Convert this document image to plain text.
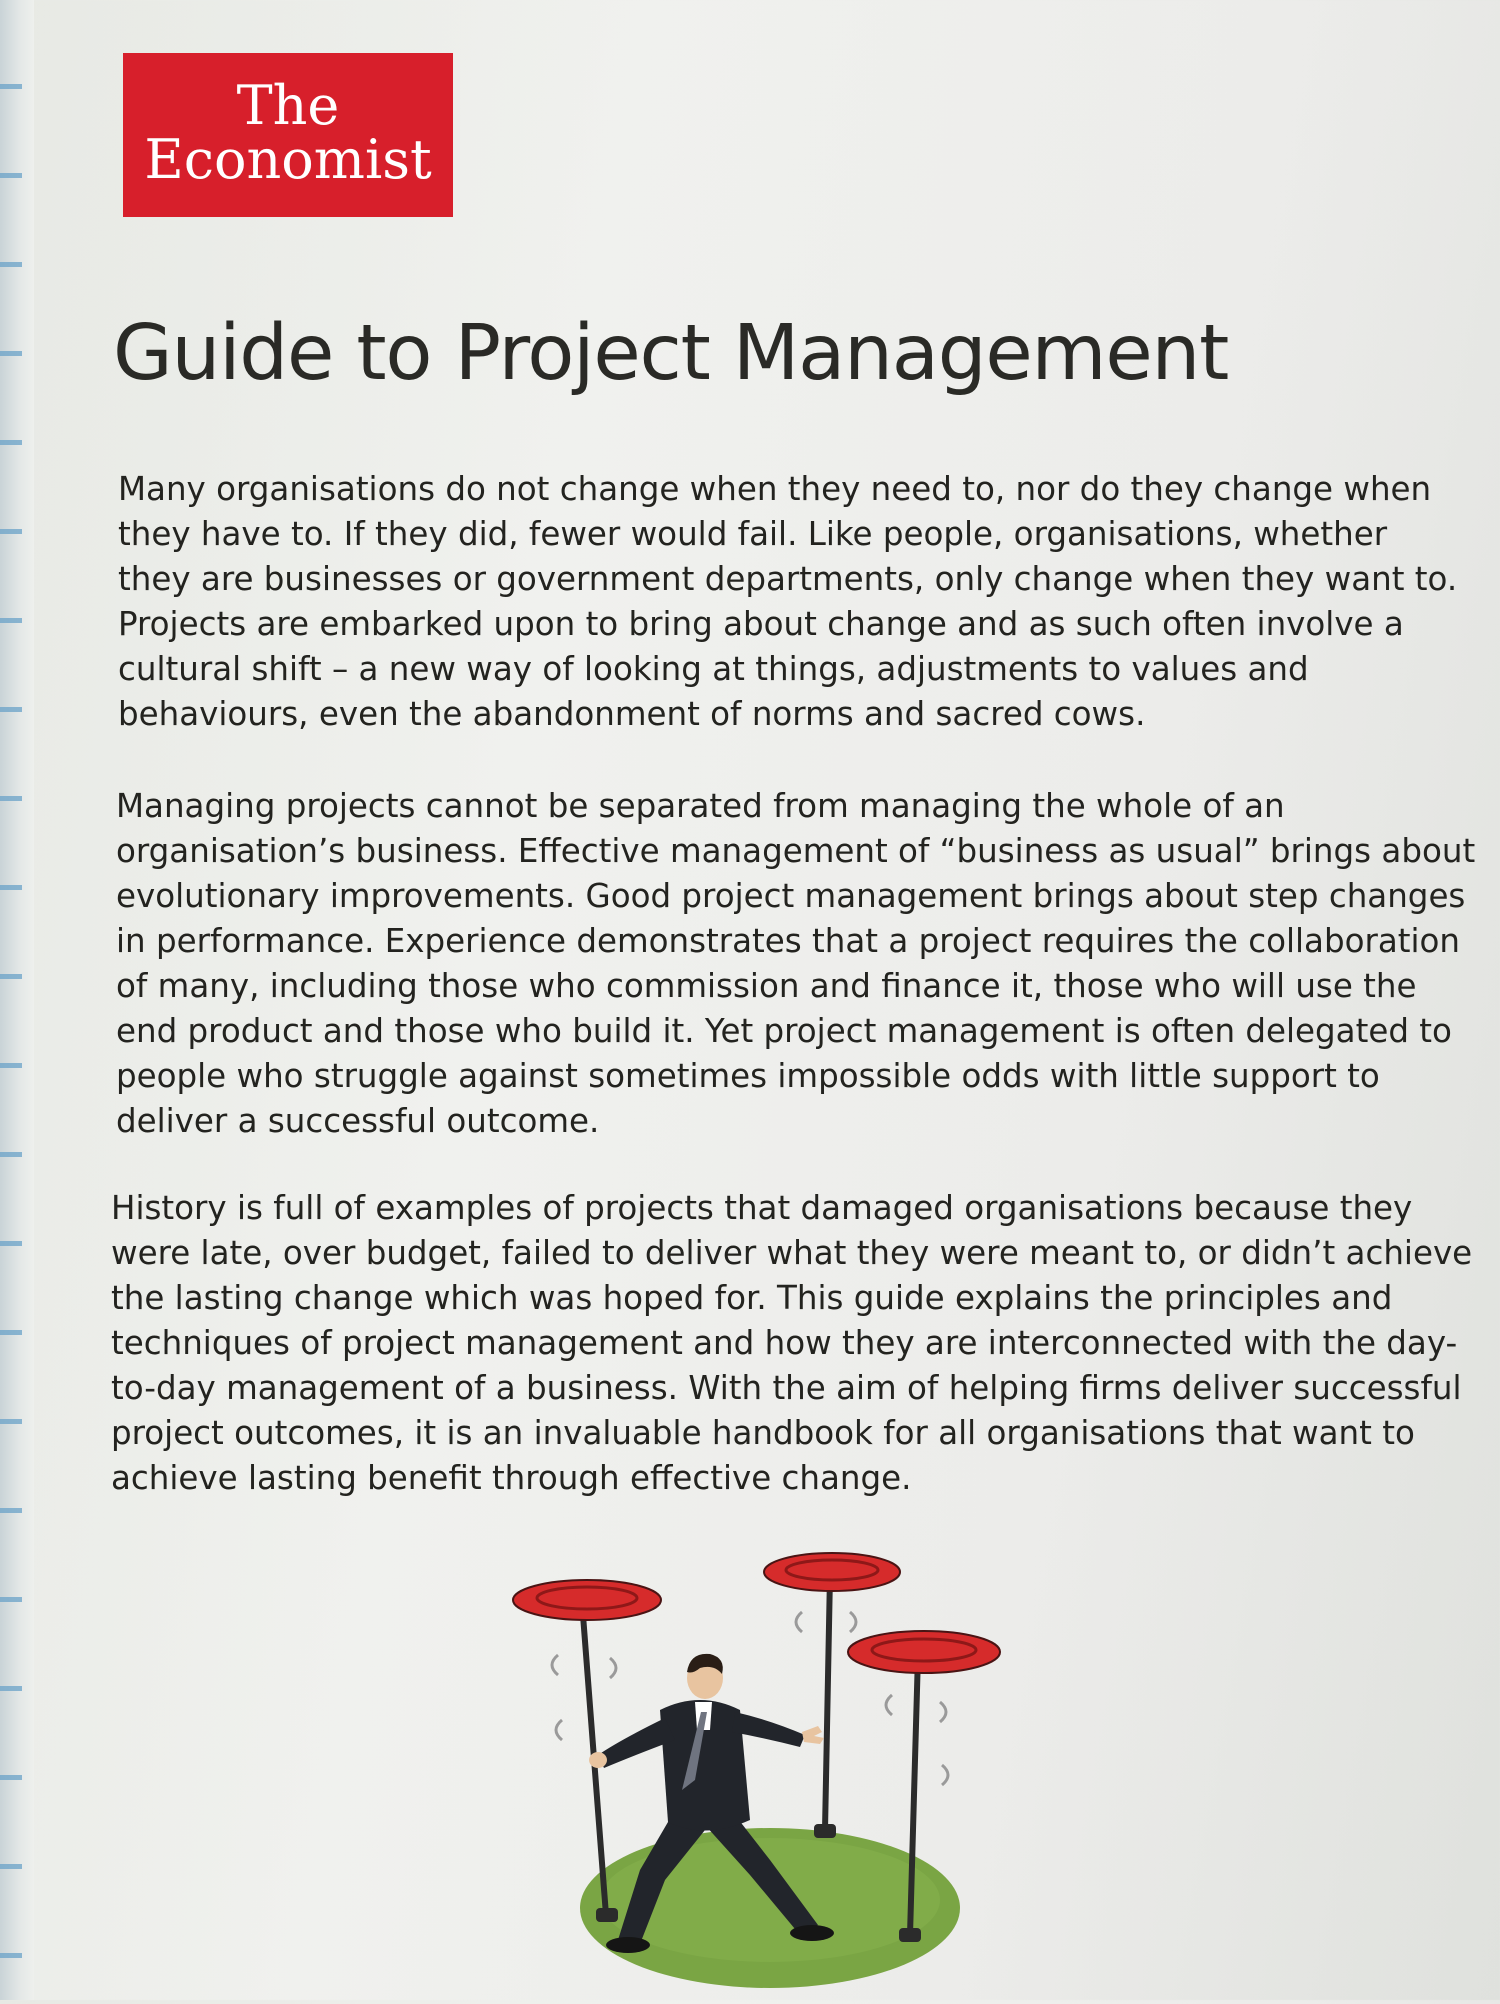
The
Economist
Guide to Project Management
Many organisations do not change when they need to, nor do they change when
they have to. If they did, fewer would fail. Like people, organisations, whether
they are businesses or government departments, only change when they want to.
Projects are embarked upon to bring about change and as such often involve a
cultural shift – a new way of looking at things, adjustments to values and
behaviours, even the abandonment of norms and sacred cows.
Managing projects cannot be separated from managing the whole of an
organisation’s business. Effective management of “business as usual” brings about
evolutionary improvements. Good project management brings about step changes
in performance. Experience demonstrates that a project requires the collaboration
of many, including those who commission and finance it, those who will use the
end product and those who build it. Yet project management is often delegated to
people who struggle against sometimes impossible odds with little support to
deliver a successful outcome.
History is full of examples of projects that damaged organisations because they
were late, over budget, failed to deliver what they were meant to, or didn’t achieve
the lasting change which was hoped for. This guide explains the principles and
techniques of project management and how they are interconnected with the day-
to-day management of a business. With the aim of helping firms deliver successful
project outcomes, it is an invaluable handbook for all organisations that want to
achieve lasting benefit through effective change.
